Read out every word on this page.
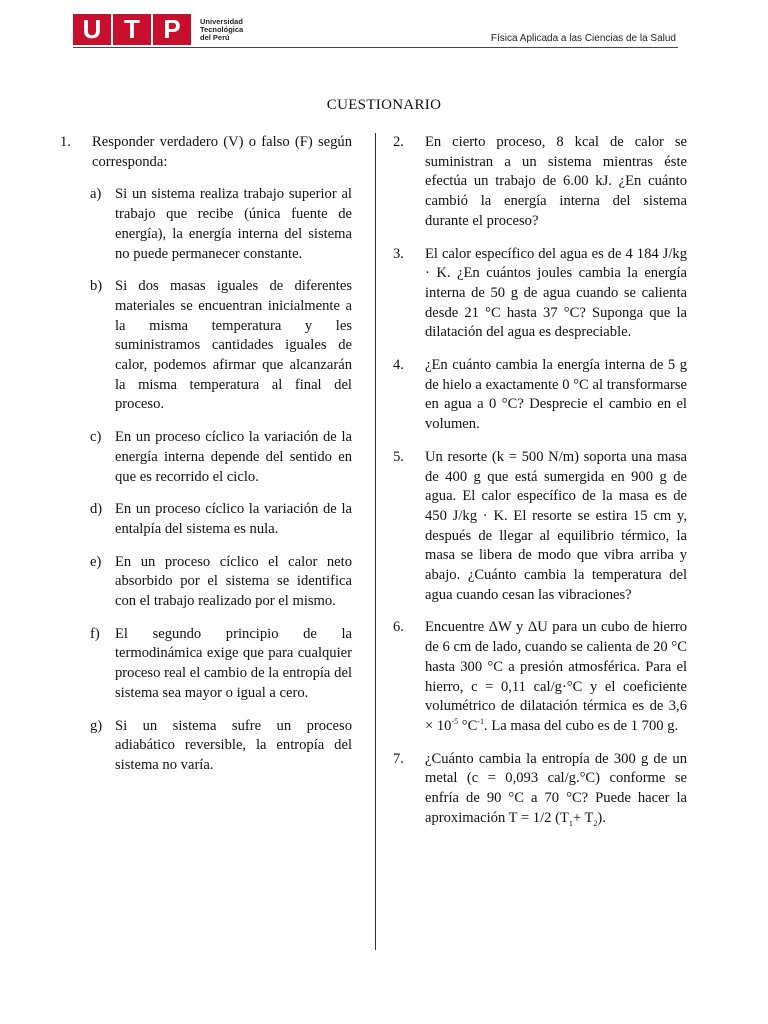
U T P	Universidad
Tecnológica
del Perú	Física Aplicada a las Ciencias de la Salud
CUESTIONARIO
1.	Responder verdadero (V) o falso (F) según corresponda:
a) Si un sistema realiza trabajo superior al trabajo que recibe (única fuente de energía), la energía interna del sistema no puede permanecer constante.
b) Si dos masas iguales de diferentes materiales se encuentran inicialmente a la misma temperatura y les suministramos cantidades iguales de calor, podemos afirmar que alcanzarán la misma temperatura al final del proceso.
c) En un proceso cíclico la variación de la energía interna depende del sentido en que es recorrido el ciclo.
d) En un proceso cíclico la variación de la entalpía del sistema es nula.
e) En un proceso cíclico el calor neto absorbido por el sistema se identifica con el trabajo realizado por el mismo.
f)	El segundo principio de la termodinámica exige que para cualquier proceso real el cambio de la entropía del sistema sea mayor o igual a cero.
g) Si un sistema sufre un proceso adiabático reversible, la entropía del sistema no varía.
2.	En cierto proceso, 8 kcal de calor se suministran a un sistema mientras éste efectúa un trabajo de 6.00 kJ. ¿En cuánto cambió la energía interna del sistema durante el proceso?
3.	El calor específico del agua es de 4 184 J/kg · K. ¿En cuántos joules cambia la energía interna de 50 g de agua cuando se calienta desde 21 °C hasta 37 °C? Suponga que la dilatación del agua es despreciable.
4.	¿En cuánto cambia la energía interna de 5 g de hielo a exactamente 0 °C al transformarse en agua a 0 °C? Desprecie el cambio en el volumen.
5.	Un resorte (k = 500 N/m) soporta una masa de 400 g que está sumergida en 900 g de agua. El calor específico de la masa es de 450 J/kg · K. El resorte se estira 15 cm y, después de llegar al equilibrio térmico, la masa se libera de modo que vibra arriba y abajo. ¿Cuánto cambia la temperatura del agua cuando cesan las vibraciones?
6.	Encuentre ΔW y ΔU para un cubo de hierro de 6 cm de lado, cuando se calienta de 20 °C hasta 300 °C a presión atmosférica. Para el hierro, c = 0,11 cal/g·°C y el coeficiente volumétrico de dilatación térmica es de $3,6 \times 10^{-5}$ $^\circ C^{-1}$. La masa del cubo es de 1 700 g.
7.	¿Cuánto cambia la entropía de 300 g de un metal (c = 0,093 cal/g.°C) conforme se enfría de 90 °C a 70 °C? Puede hacer la aproximación T = 1/2 $(T_1+ T_2)$.
